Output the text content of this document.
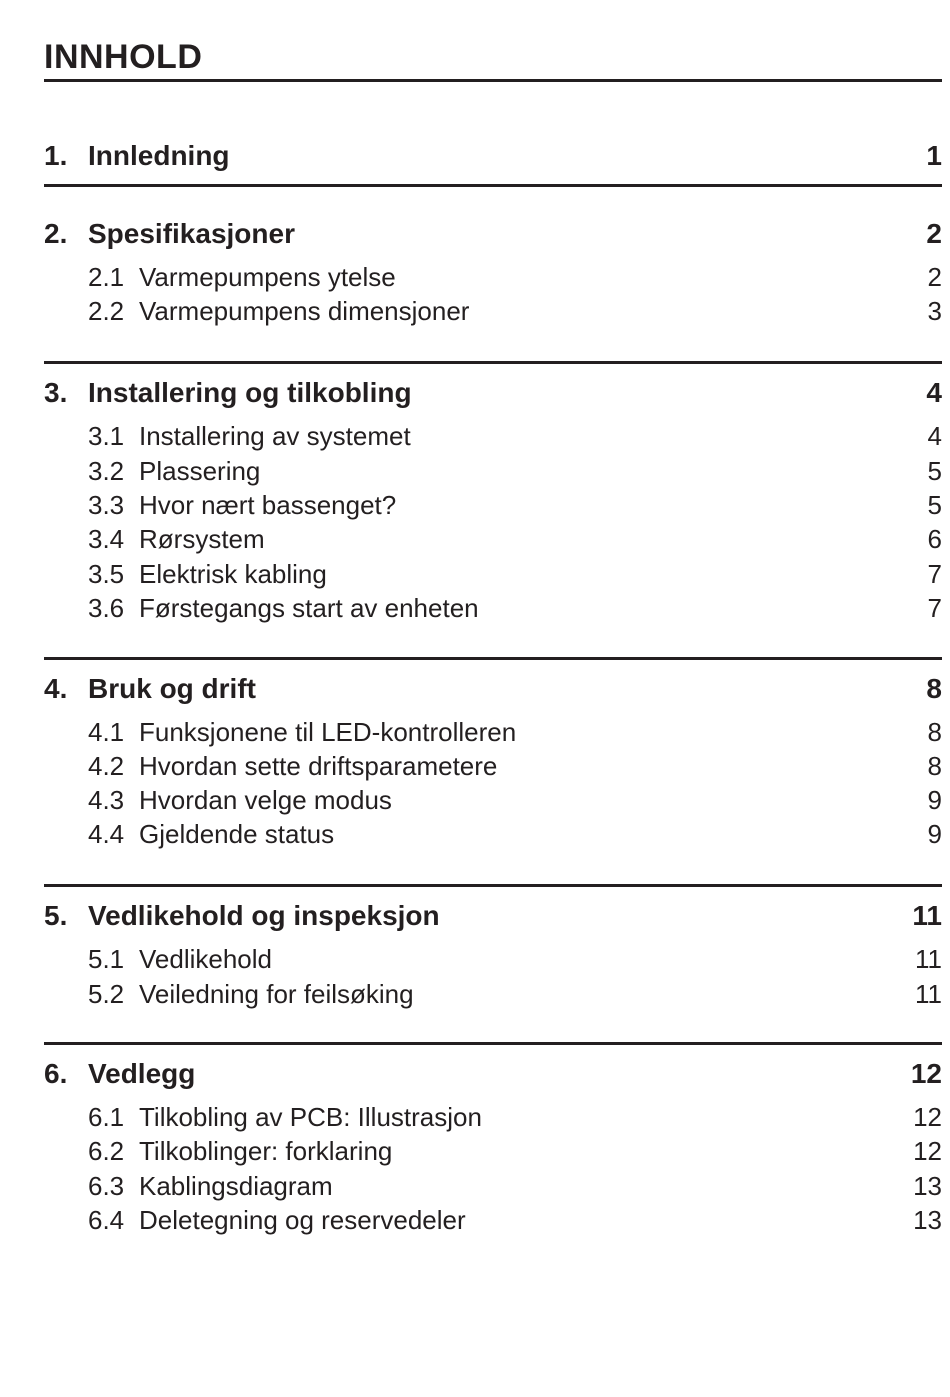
INNHOLD
1. Innledning	1
2. Spesifikasjoner	2
2.1 Varmepumpens ytelse	2
2.2 Varmepumpens dimensjoner	3
3. Installering og tilkobling	4
3.1 Installering av systemet	4
3.2 Plassering	5
3.3 Hvor nært bassenget?	5
3.4 Rørsystem	6
3.5 Elektrisk kabling	7
3.6 Førstegangs start av enheten	7
4. Bruk og drift	8
4.1 Funksjonene til LED-kontrolleren	8
4.2 Hvordan sette driftsparametere	8
4.3 Hvordan velge modus	9
4.4 Gjeldende status	9
5. Vedlikehold og inspeksjon	11
5.1 Vedlikehold	11
5.2 Veiledning for feilsøking	11
6. Vedlegg	12
6.1 Tilkobling av PCB: Illustrasjon	12
6.2 Tilkoblinger: forklaring	12
6.3 Kablingsdiagram	13
6.4 Deletegning og reservedeler	13
